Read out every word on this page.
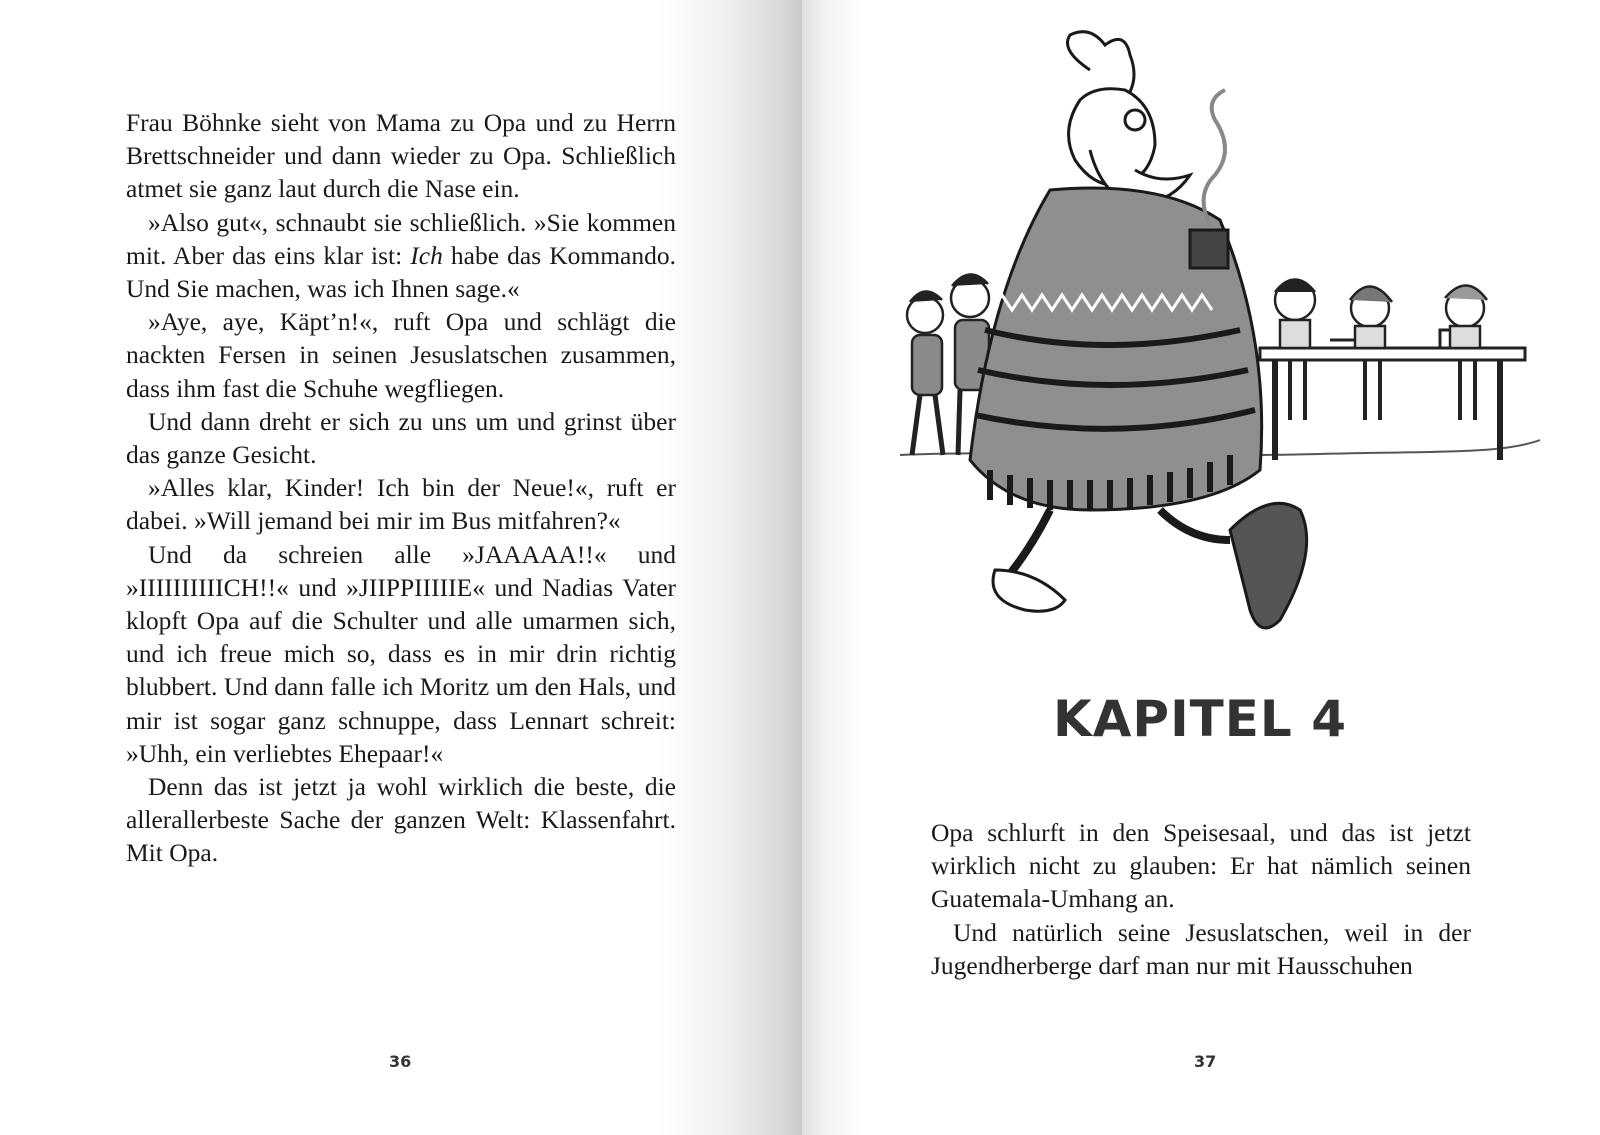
Frau Böhnke sieht von Mama zu Opa und zu Herrn Brettschneider und dann wieder zu Opa. Schließlich atmet sie ganz laut durch die Nase ein.

»Also gut«, schnaubt sie schließlich. »Sie kommen mit. Aber das eins klar ist: Ich habe das Kommando. Und Sie machen, was ich Ihnen sage.«

»Aye, aye, Käpt’n!«, ruft Opa und schlägt die nackten Fersen in seinen Jesuslatschen zusammen, dass ihm fast die Schuhe wegfliegen.

Und dann dreht er sich zu uns um und grinst über das ganze Gesicht.

»Alles klar, Kinder! Ich bin der Neue!«, ruft er dabei. »Will jemand bei mir im Bus mitfahren?«

Und da schreien alle »JAAAAA!!« und »IIIIIIIIIICH!!« und »JIIPPIIIIIE« und Nadias Vater klopft Opa auf die Schulter und alle umarmen sich, und ich freue mich so, dass es in mir drin richtig blubbert. Und dann falle ich Moritz um den Hals, und mir ist sogar ganz schnuppe, dass Lennart schreit: »Uhh, ein verliebtes Ehepaar!«

Denn das ist jetzt ja wohl wirklich die beste, die allerallerbeste Sache der ganzen Welt: Klassenfahrt. Mit Opa.

36
KAPITEL 4

Opa schlurft in den Speisesaal, und das ist jetzt wirklich nicht zu glauben: Er hat nämlich seinen Guatemala-Umhang an.

Und natürlich seine Jesuslatschen, weil in der Jugendherberge darf man nur mit Hausschuhen

37
